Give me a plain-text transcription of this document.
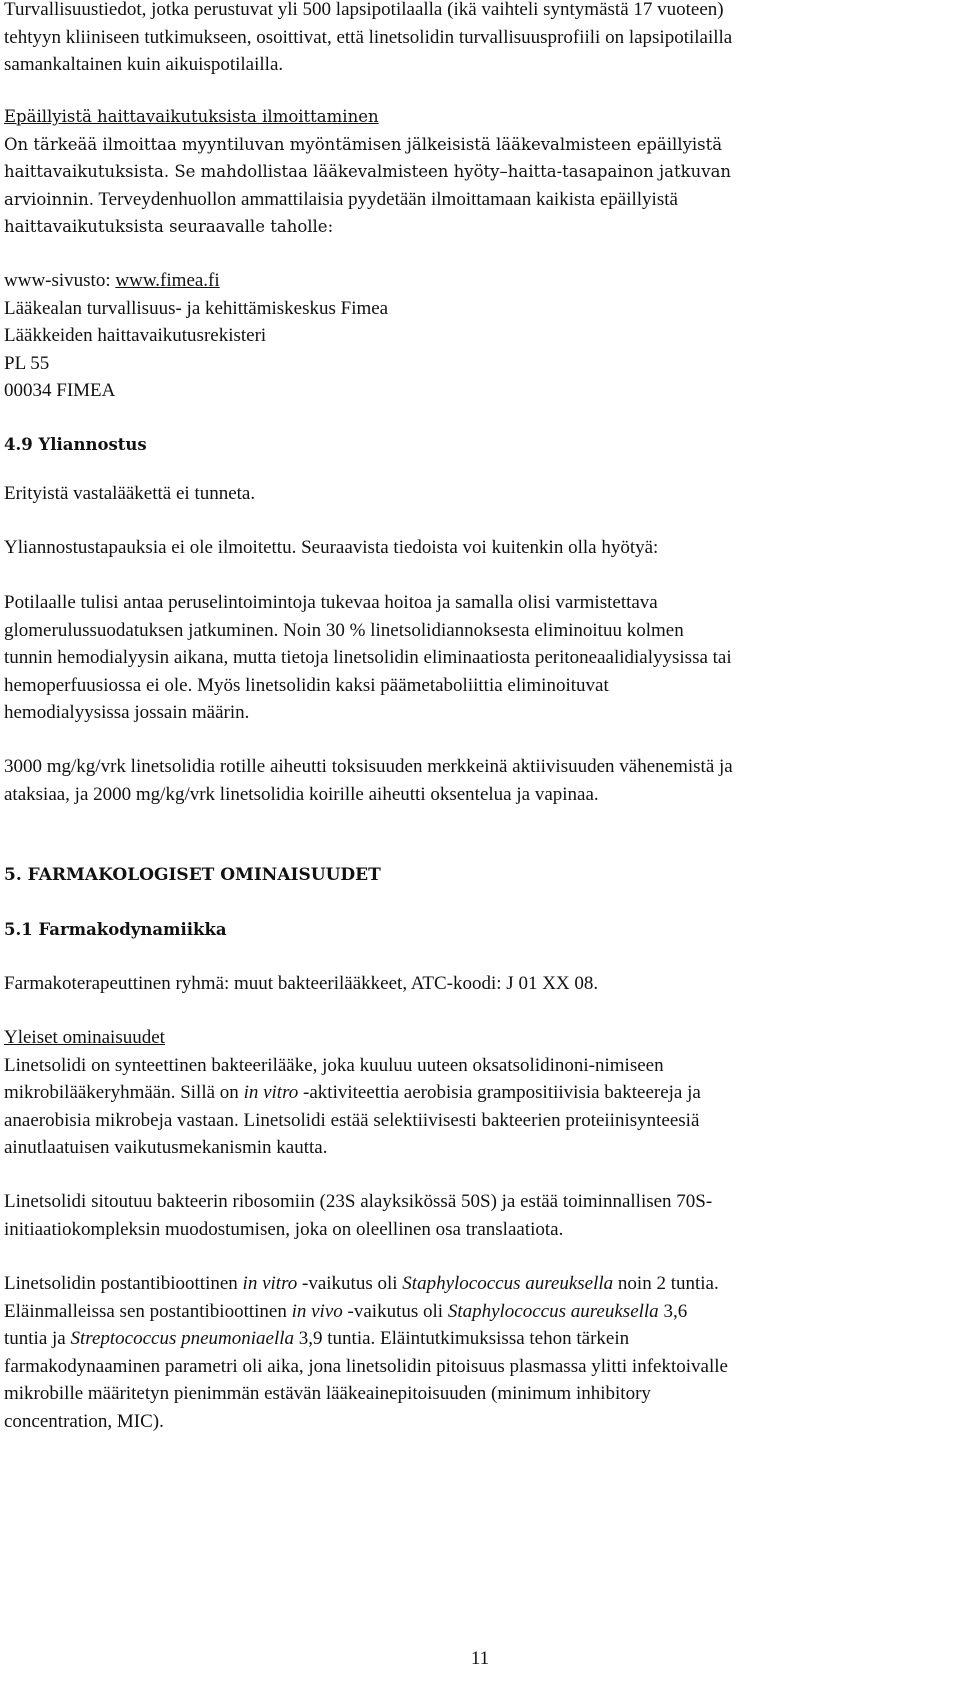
Turvallisuustiedot, jotka perustuvat yli 500 lapsipotilaalla (ikä vaihteli syntymästä 17 vuoteen)
tehtyyn kliiniseen tutkimukseen, osoittivat, että linetsolidin turvallisuusprofiili on lapsipotilailla
samankaltainen kuin aikuispotilailla.
Epäillyistä haittavaikutuksista ilmoittaminen
On tärkeää ilmoittaa myyntiluvan myöntämisen jälkeisistä lääkevalmisteen epäillyistä
haittavaikutuksista. Se mahdollistaa lääkevalmisteen hyöty–haitta-tasapainon jatkuvan
arvioinnin. Terveydenhuollon ammattilaisia pyydetään ilmoittamaan kaikista epäillyistä
haittavaikutuksista seuraavalle taholle:
www-sivusto: www.fimea.fi
Lääkealan turvallisuus- ja kehittämiskeskus Fimea
Lääkkeiden haittavaikutusrekisteri
PL 55
00034 FIMEA
4.9 Yliannostus
Erityistä vastalääkettä ei tunneta.
Yliannostustapauksia ei ole ilmoitettu. Seuraavista tiedoista voi kuitenkin olla hyötyä:
Potilaalle tulisi antaa peruselintoimintoja tukevaa hoitoa ja samalla olisi varmistettava
glomerulussuodatuksen jatkuminen. Noin 30 % linetsolidiannoksesta eliminoituu kolmen
tunnin hemodialyysin aikana, mutta tietoja linetsolidin eliminaatiosta peritoneaalidialyysissa tai
hemoperfuusiossa ei ole. Myös linetsolidin kaksi päämetaboliittia eliminoituvat
hemodialyysissa jossain määrin.
3000 mg/kg/vrk linetsolidia rotille aiheutti toksisuuden merkkeinä aktiivisuuden vähenemistä ja
ataksiaa, ja 2000 mg/kg/vrk linetsolidia koirille aiheutti oksentelua ja vapinaa.
5. FARMAKOLOGISET OMINAISUUDET
5.1 Farmakodynamiikka
Farmakoterapeuttinen ryhmä: muut bakteerilääkkeet, ATC-koodi: J 01 XX 08.
Yleiset ominaisuudet
Linetsolidi on synteettinen bakteerilääke, joka kuuluu uuteen oksatsolidinoni-nimiseen
mikrobilääkeryhmään. Sillä on in vitro -aktiviteettia aerobisia grampositiivisia bakteereja ja
anaerobisia mikrobeja vastaan. Linetsolidi estää selektiivisesti bakteerien proteiinisynteesiä
ainutlaatuisen vaikutusmekanismin kautta.
Linetsolidi sitoutuu bakteerin ribosomiin (23S alayksikössä 50S) ja estää toiminnallisen 70S-
initiaatiokompleksin muodostumisen, joka on oleellinen osa translaatiota.
Linetsolidin postantibioottinen in vitro -vaikutus oli Staphylococcus aureuksella noin 2 tuntia.
Eläinmalleissa sen postantibioottinen in vivo -vaikutus oli Staphylococcus aureuksella 3,6
tuntia ja Streptococcus pneumoniaella 3,9 tuntia. Eläintutkimuksissa tehon tärkein
farmakodynaaminen parametri oli aika, jona linetsolidin pitoisuus plasmassa ylitti infektoivalle
mikrobille määritetyn pienimmän estävän lääkeainepitoisuuden (minimum inhibitory
concentration, MIC).
11
